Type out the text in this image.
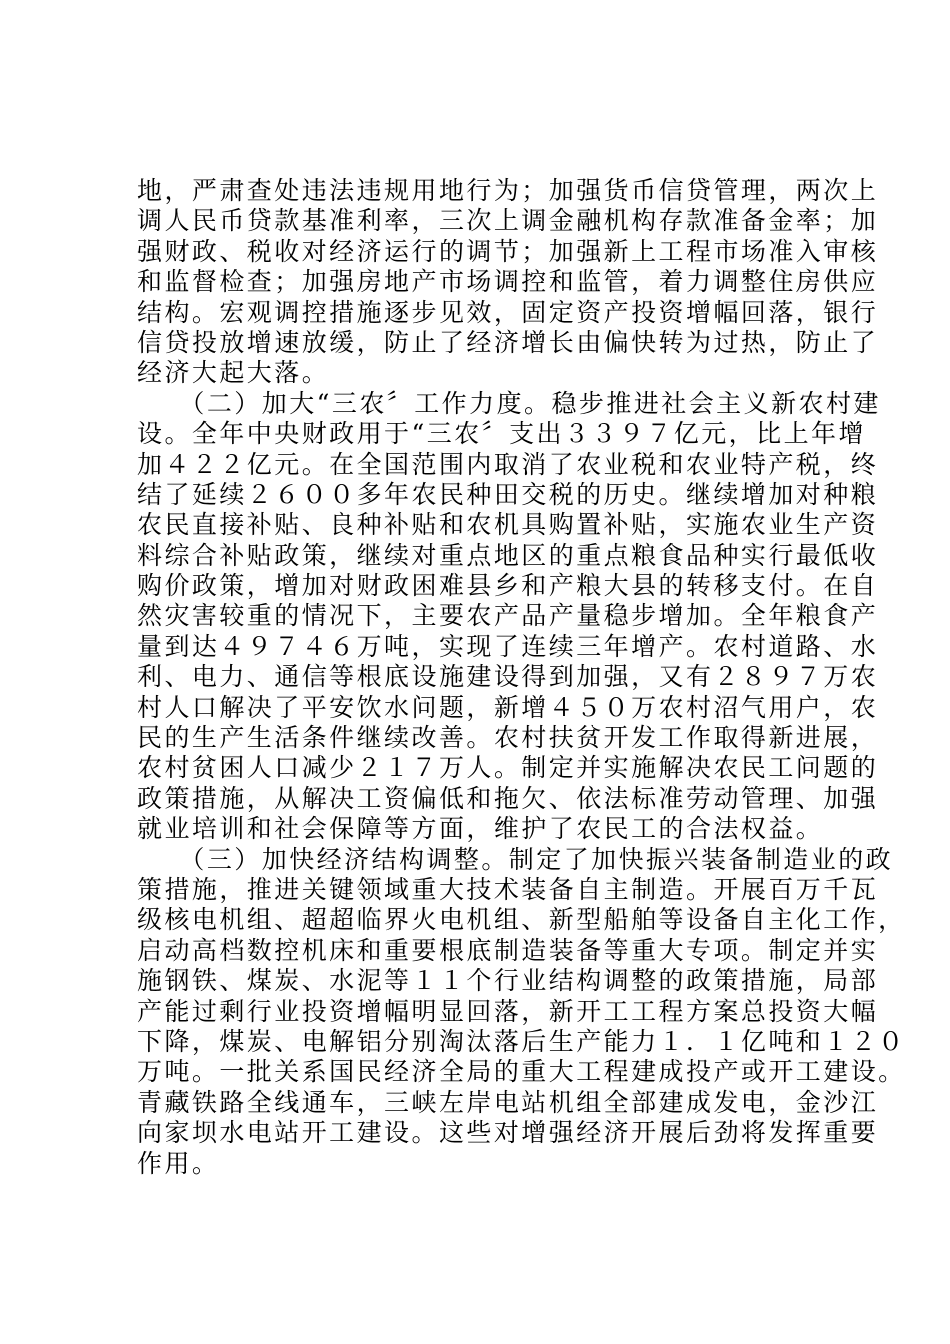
地，严肃查处违法违规用地行为；加强货币信贷管理，两次上
调人民币贷款基准利率，三次上调金融机构存款准备金率；加
强财政、税收对经济运行的调节；加强新上工程市场准入审核
和监督检查；加强房地产市场调控和监管，着力调整住房供应
结构。宏观调控措施逐步见效，固定资产投资增幅回落，银行
信贷投放增速放缓，防止了经济增长由偏快转为过热，防止了
经济大起大落。
　　（二）加大“三农〞工作力度。稳步推进社会主义新农村建
设。全年中央财政用于“三农〞支出３３９７亿元，比上年增
加４２２亿元。在全国范围内取消了农业税和农业特产税，终
结了延续２６００多年农民种田交税的历史。继续增加对种粮
农民直接补贴、良种补贴和农机具购置补贴，实施农业生产资
料综合补贴政策，继续对重点地区的重点粮食品种实行最低收
购价政策，增加对财政困难县乡和产粮大县的转移支付。在自
然灾害较重的情况下，主要农产品产量稳步增加。全年粮食产
量到达４９７４６万吨，实现了连续三年增产。农村道路、水
利、电力、通信等根底设施建设得到加强，又有２８９７万农
村人口解决了平安饮水问题，新增４５０万农村沼气用户，农
民的生产生活条件继续改善。农村扶贫开发工作取得新进展，
农村贫困人口减少２１７万人。制定并实施解决农民工问题的
政策措施，从解决工资偏低和拖欠、依法标准劳动管理、加强
就业培训和社会保障等方面，维护了农民工的合法权益。
　　（三）加快经济结构调整。制定了加快振兴装备制造业的政
策措施，推进关键领域重大技术装备自主制造。开展百万千瓦
级核电机组、超超临界火电机组、新型船舶等设备自主化工作，
启动高档数控机床和重要根底制造装备等重大专项。制定并实
施钢铁、煤炭、水泥等１１个行业结构调整的政策措施，局部
产能过剩行业投资增幅明显回落，新开工工程方案总投资大幅
下降，煤炭、电解铝分别淘汰落后生产能力１．１亿吨和１２０
万吨。一批关系国民经济全局的重大工程建成投产或开工建设。
青藏铁路全线通车，三峡左岸电站机组全部建成发电，金沙江
向家坝水电站开工建设。这些对增强经济开展后劲将发挥重要
作用。
